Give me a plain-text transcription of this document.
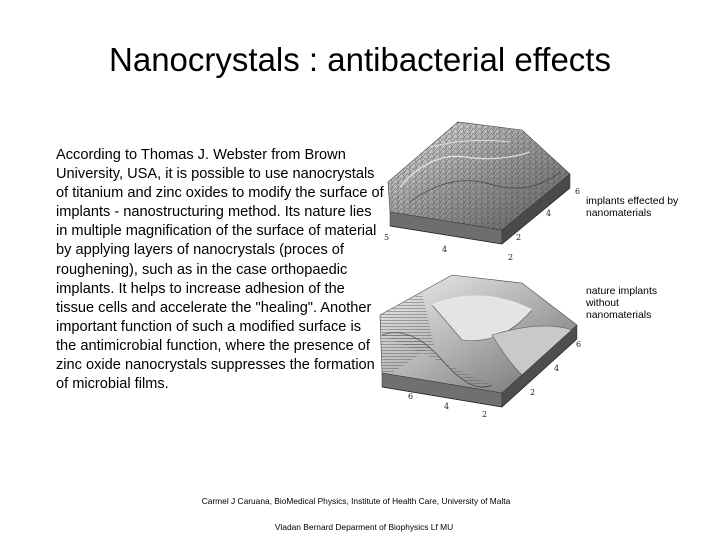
Nanocrystals : antibacterial effects
According to Thomas J. Webster from Brown University, USA, it is possible to use nanocrystals of titanium and zinc oxides to modify the surface of implants - nanostructuring method. Its nature lies in multiple magnification of the surface of material by applying layers of nanocrystals (proces of roughening), such as in the case orthopaedic implants. It helps to increase adhesion of the tissue cells and accelerate the "healing". Another important function of such a modified surface is the antimicrobial function, where the presence of zinc oxide nanocrystals suppresses the formation of microbial films.
6
4
2
5
4
2
6
4
2
6
4
2
implants effected by nanomaterials
nature implants without nanomaterials
Carmel J Caruana, BioMedical Physics, Institute of Health Care, University of Malta
Vladan Bernard Deparment of Biophysics Lf MU
